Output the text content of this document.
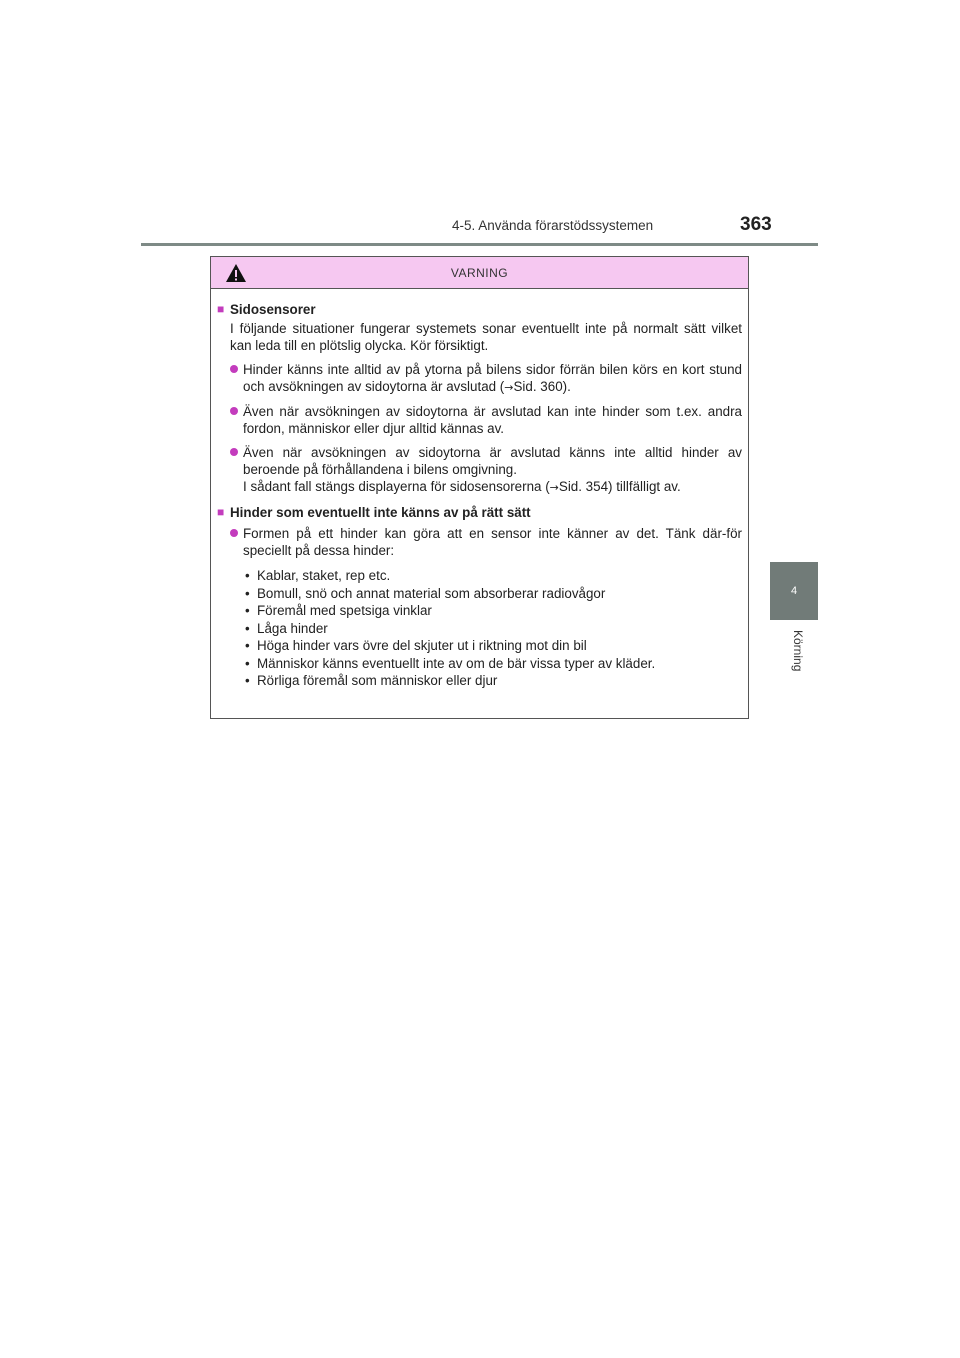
4-5. Använda förarstödssystemen	363
4
Körning
VARNING
■ Sidosensorer
I följande situationer fungerar systemets sonar eventuellt inte på normalt sätt vilket kan leda till en plötslig olycka. Kör försiktigt.
Hinder känns inte alltid av på ytorna på bilens sidor förrän bilen körs en kort stund och avsökningen av sidoytorna är avslutad (→Sid. 360).
Även när avsökningen av sidoytorna är avslutad kan inte hinder som t.ex. andra fordon, människor eller djur alltid kännas av.

Även när avsökningen av sidoytorna är avslutad känns inte alltid hinder av beroende på förhållandena i bilens omgivning.

I sådant fall stängs displayerna för sidosensorerna (→Sid. 354) tillfälligt av.

■ Hinder som eventuellt inte känns av på rätt sätt

Formen på ett hinder kan göra att en sensor inte känner av det. Tänk där-för speciellt på dessa hinder:

• Kablar, staket, rep etc.
• Bomull, snö och annat material som absorberar radiovågor
• Föremål med spetsiga vinklar
• Låga hinder
• Höga hinder vars övre del skjuter ut i riktning mot din bil
• Människor känns eventuellt inte av om de bär vissa typer av kläder.
• Rörliga föremål som människor eller djur
